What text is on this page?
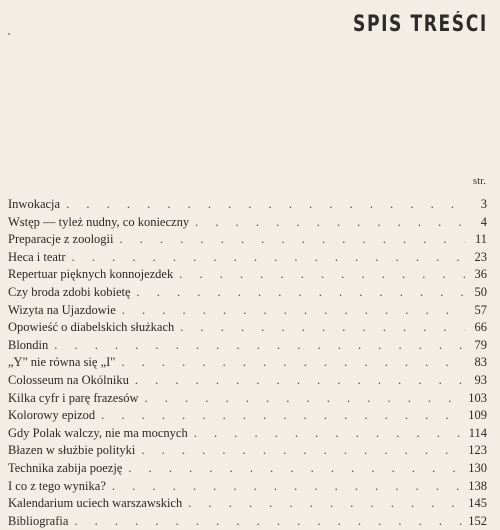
SPIS TREŚCI
str.
Inwokacja . . .	3
Wstęp — tyleż nudny, co konieczny . . .	4
Preparacje z zoologii . . .	11
Heca i teatr . . .	23
Repertuar pięknych konnojezdek . . .	36
Czy broda zdobi kobietę . . .	50
Wizyta na Ujazdowie . . .	57
Opowieść o diabelskich służkach . . .	66
Blondin . . .	79
„Y" nie równa się „I" . . .	83
Colosseum na Okólniku . . .	93
Kilka cyfr i parę frazesów . . .	103
Kolorowy epizod . . .	109
Gdy Polak walczy, nie ma mocnych . . .	114
Błazen w służbie polityki . . .	123
Technika zabija poezję . . .	130
I co z tego wynika? . . .	138
Kalendarium uciech warszawskich . . .	145
Bibliografia . . .	152
